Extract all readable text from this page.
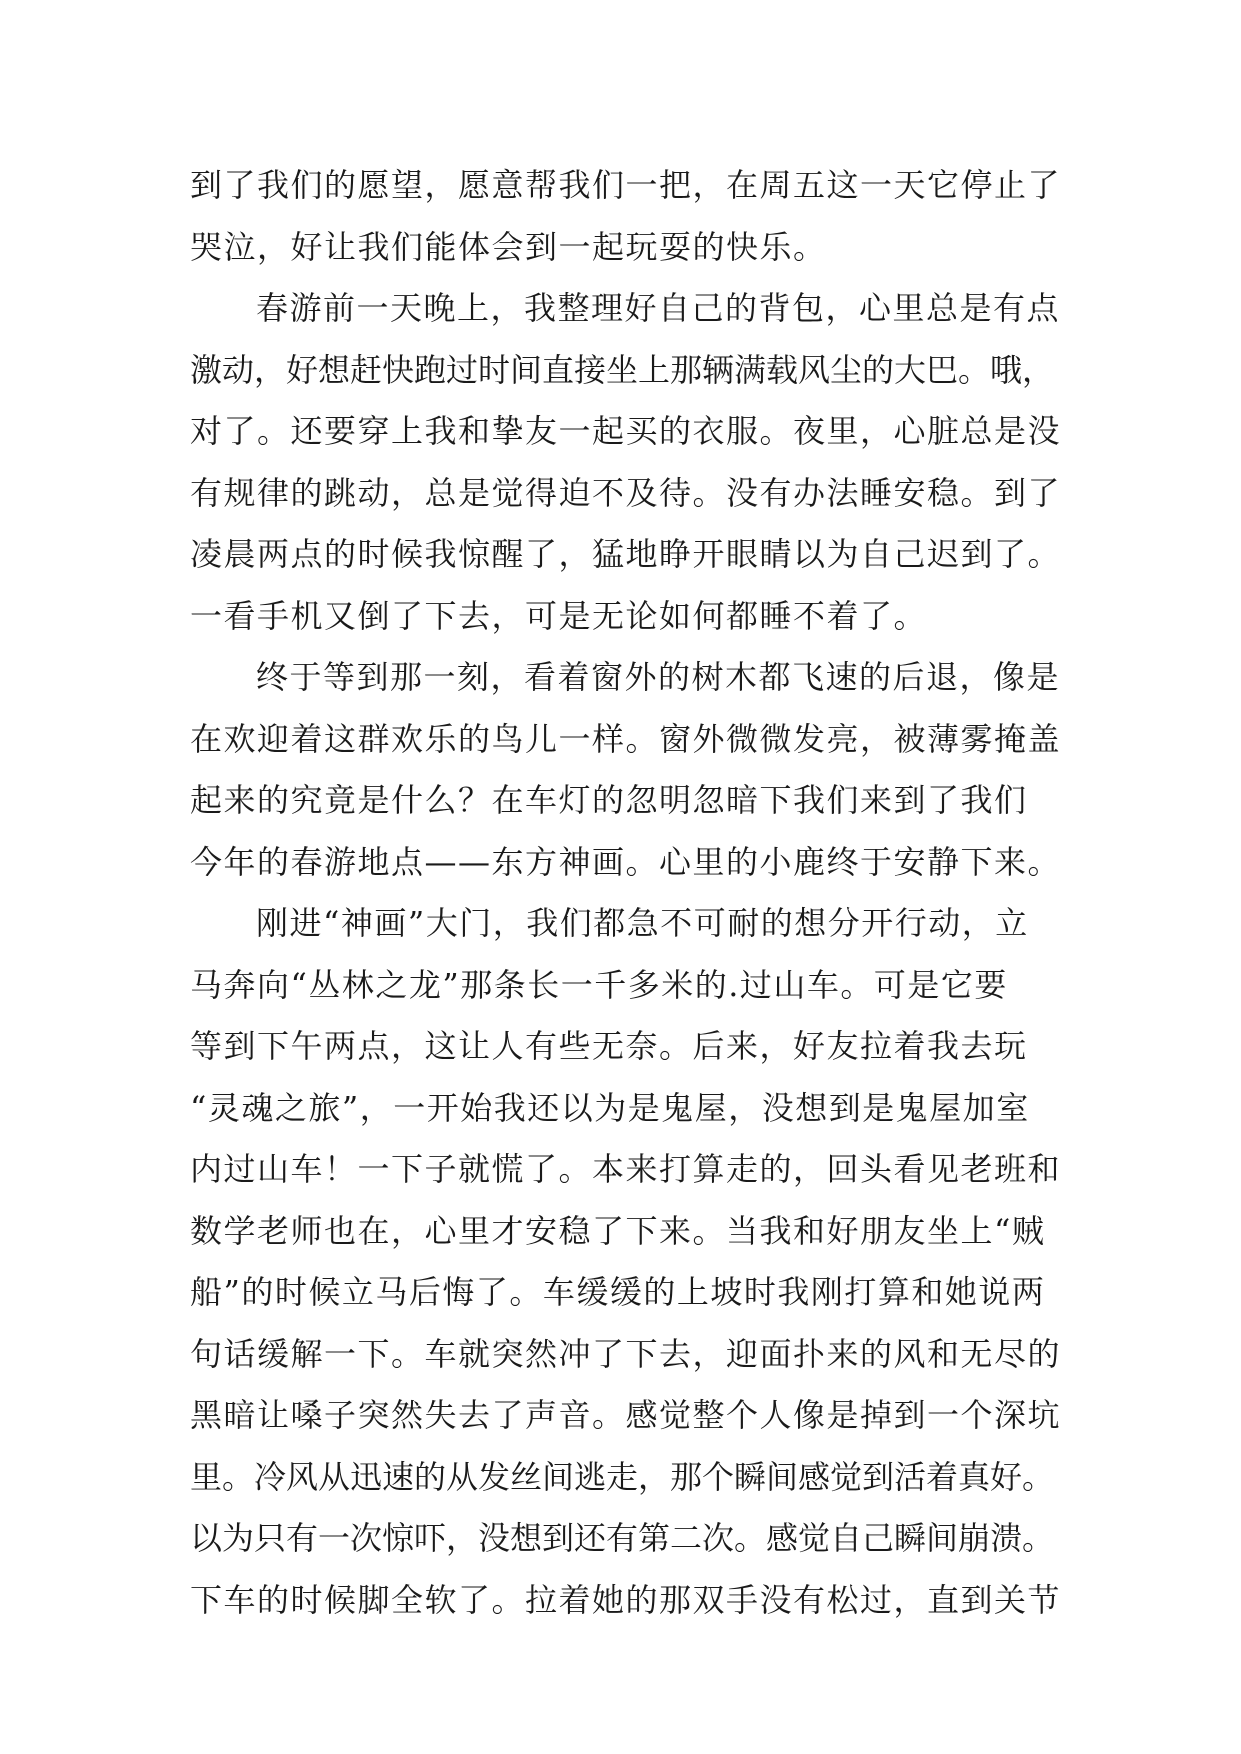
到了我们的愿望，愿意帮我们一把，在周五这一天它停止了
哭泣，好让我们能体会到一起玩耍的快乐。
春游前一天晚上，我整理好自己的背包，心里总是有点
激动，好想赶快跑过时间直接坐上那辆满载风尘的大巴。哦，
对了。还要穿上我和挚友一起买的衣服。夜里，心脏总是没
有规律的跳动，总是觉得迫不及待。没有办法睡安稳。到了
凌晨两点的时候我惊醒了，猛地睁开眼睛以为自己迟到了。
一看手机又倒了下去，可是无论如何都睡不着了。
终于等到那一刻，看着窗外的树木都飞速的后退，像是
在欢迎着这群欢乐的鸟儿一样。窗外微微发亮，被薄雾掩盖
起来的究竟是什么？在车灯的忽明忽暗下我们来到了我们
今年的春游地点——东方神画。心里的小鹿终于安静下来。
刚进“神画”大门，我们都急不可耐的想分开行动，立
马奔向“丛林之龙”那条长一千多米的.过山车。可是它要
等到下午两点，这让人有些无奈。后来，好友拉着我去玩
“灵魂之旅”，一开始我还以为是鬼屋，没想到是鬼屋加室
内过山车！一下子就慌了。本来打算走的，回头看见老班和
数学老师也在，心里才安稳了下来。当我和好朋友坐上“贼
船”的时候立马后悔了。车缓缓的上坡时我刚打算和她说两
句话缓解一下。车就突然冲了下去，迎面扑来的风和无尽的
黑暗让嗓子突然失去了声音。感觉整个人像是掉到一个深坑
里。冷风从迅速的从发丝间逃走，那个瞬间感觉到活着真好。
以为只有一次惊吓，没想到还有第二次。感觉自己瞬间崩溃。
下车的时候脚全软了。拉着她的那双手没有松过，直到关节
